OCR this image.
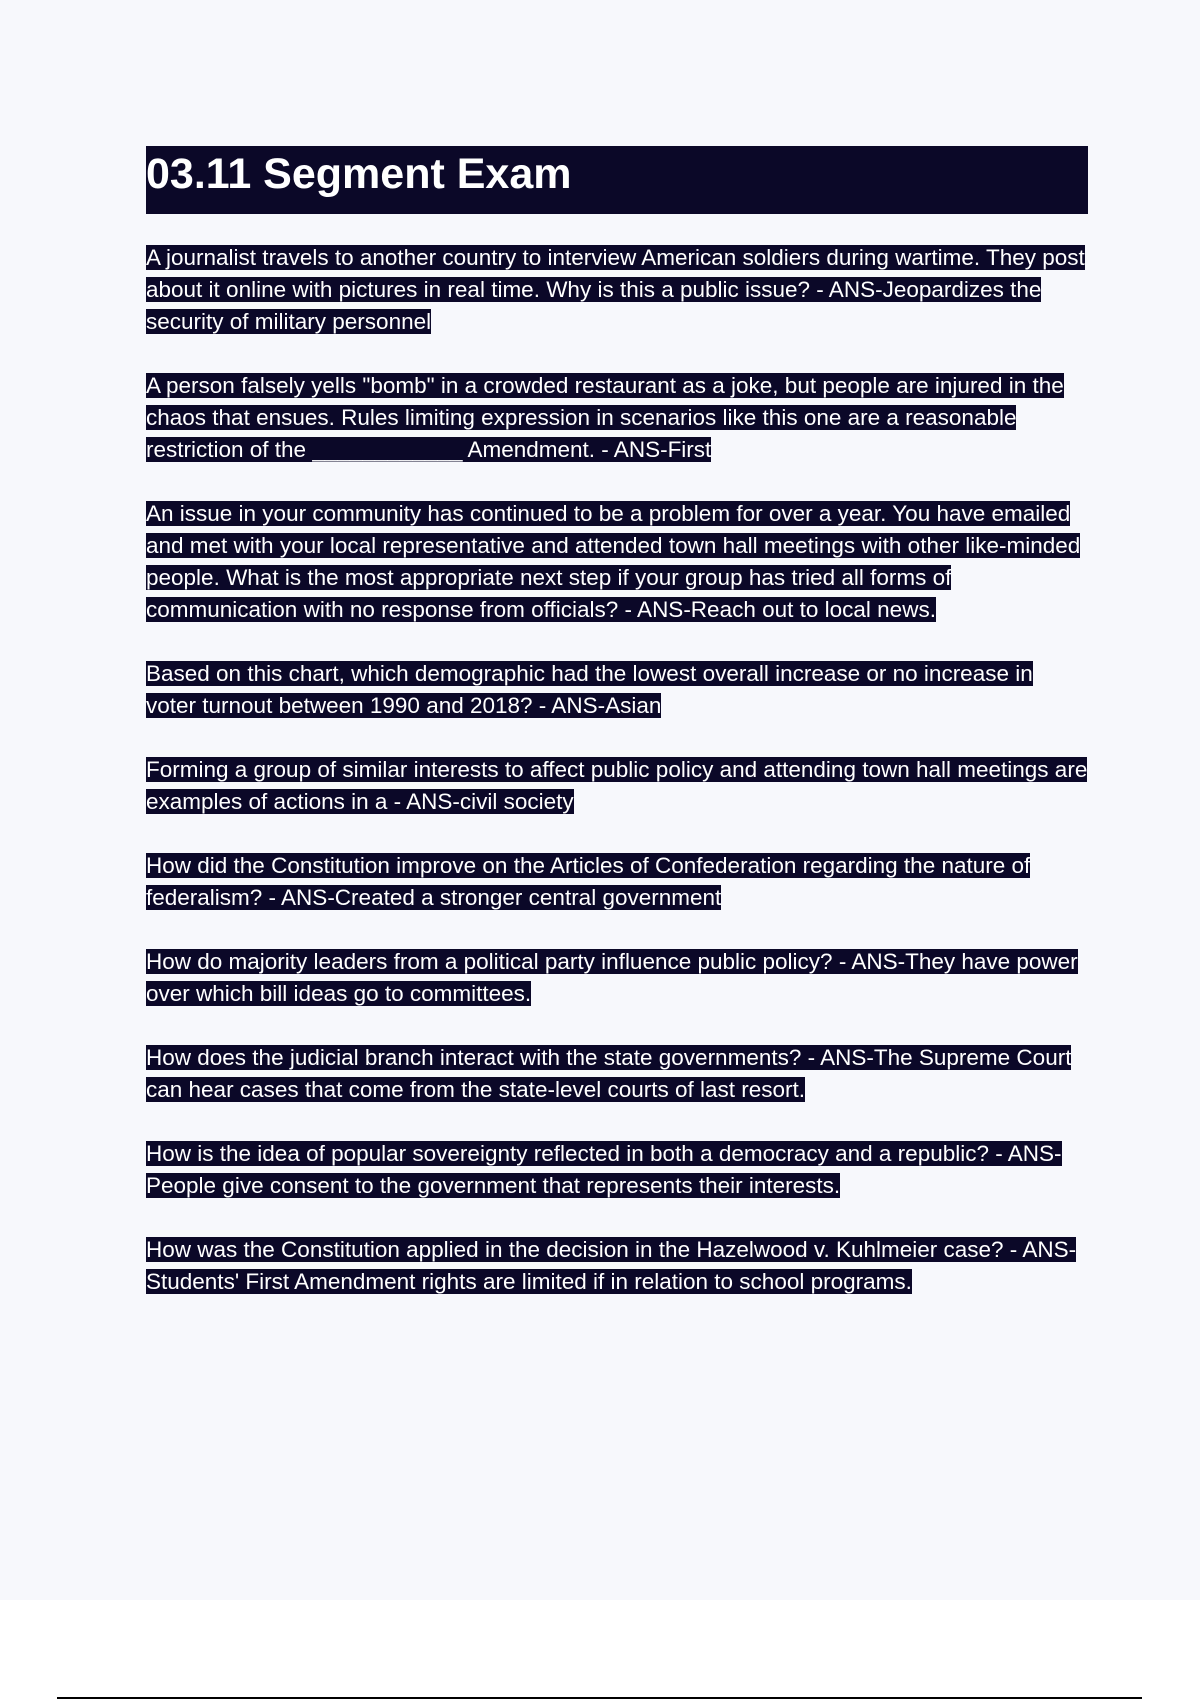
03.11 Segment Exam

A journalist travels to another country to interview American soldiers during wartime. They post about it online with pictures in real time. Why is this a public issue? - ANS-Jeopardizes the security of military personnel

A person falsely yells "bomb" in a crowded restaurant as a joke, but people are injured in the chaos that ensues. Rules limiting expression in scenarios like this one are a reasonable restriction of the ____________ Amendment. - ANS-First

An issue in your community has continued to be a problem for over a year. You have emailed and met with your local representative and attended town hall meetings with other like-minded people. What is the most appropriate next step if your group has tried all forms of communication with no response from officials? - ANS-Reach out to local news.

Based on this chart, which demographic had the lowest overall increase or no increase in voter turnout between 1990 and 2018? - ANS-Asian

Forming a group of similar interests to affect public policy and attending town hall meetings are examples of actions in a - ANS-civil society

How did the Constitution improve on the Articles of Confederation regarding the nature of federalism? - ANS-Created a stronger central government

How do majority leaders from a political party influence public policy? - ANS-They have power over which bill ideas go to committees.

How does the judicial branch interact with the state governments? - ANS-The Supreme Court can hear cases that come from the state-level courts of last resort.

How is the idea of popular sovereignty reflected in both a democracy and a republic? - ANS-People give consent to the government that represents their interests.

How was the Constitution applied in the decision in the Hazelwood v. Kuhlmeier case? - ANS-Students' First Amendment rights are limited if in relation to school programs.
